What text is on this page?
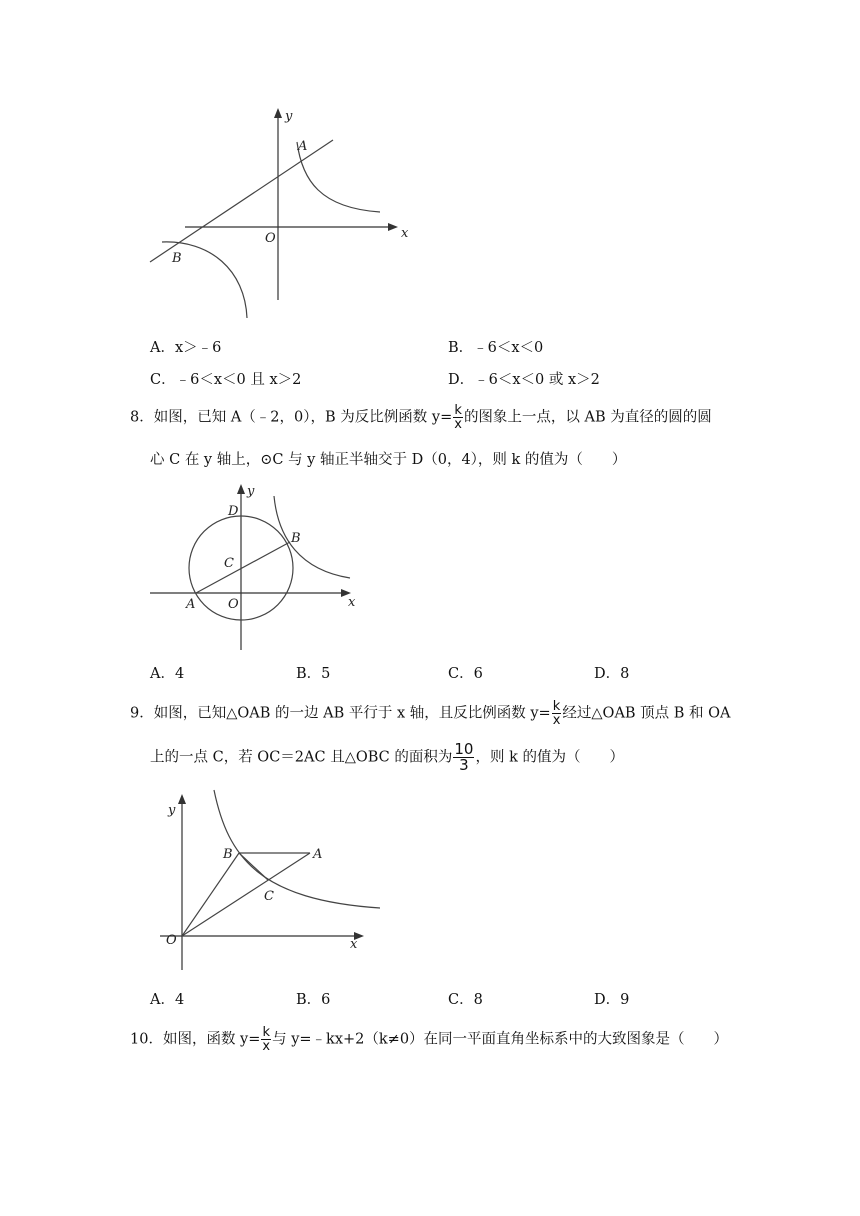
y
A
O	x
B
A．x＞﹣6	B．﹣6＜x＜0
C．﹣6＜x＜0 且 x＞2	D．﹣6＜x＜0 或 x＞2
8．如图，已知 A（﹣2，0），B 为反比例函数 $y= \frac{k}{x}$ 的图象上一点，以 AB 为直径的圆的圆
心 C 在 y 轴上，⊙C 与 y 轴正半轴交于 D（0，4），则 k 的值为（　　）
y
D
B
C
A	O	x
A．4	B．5	C．6	D．8
9．如图，已知△OAB 的一边 AB 平行于 x 轴，且反比例函数 $y= \frac{k}{x}$ 经过△OAB 顶点 B 和 OA
上的一点 C，若 OC＝2AC 且△OBC 的面积为 $\frac{10}{3}$ ，则 k 的值为（　　）
y
B	A
C
O	x
A．4	B．6	C．8	D．9
10．如图，函数 $y= \frac{k}{x}$ 与 y=﹣kx+2（k≠0）在同一平面直角坐标系中的大致图象是（　　）
